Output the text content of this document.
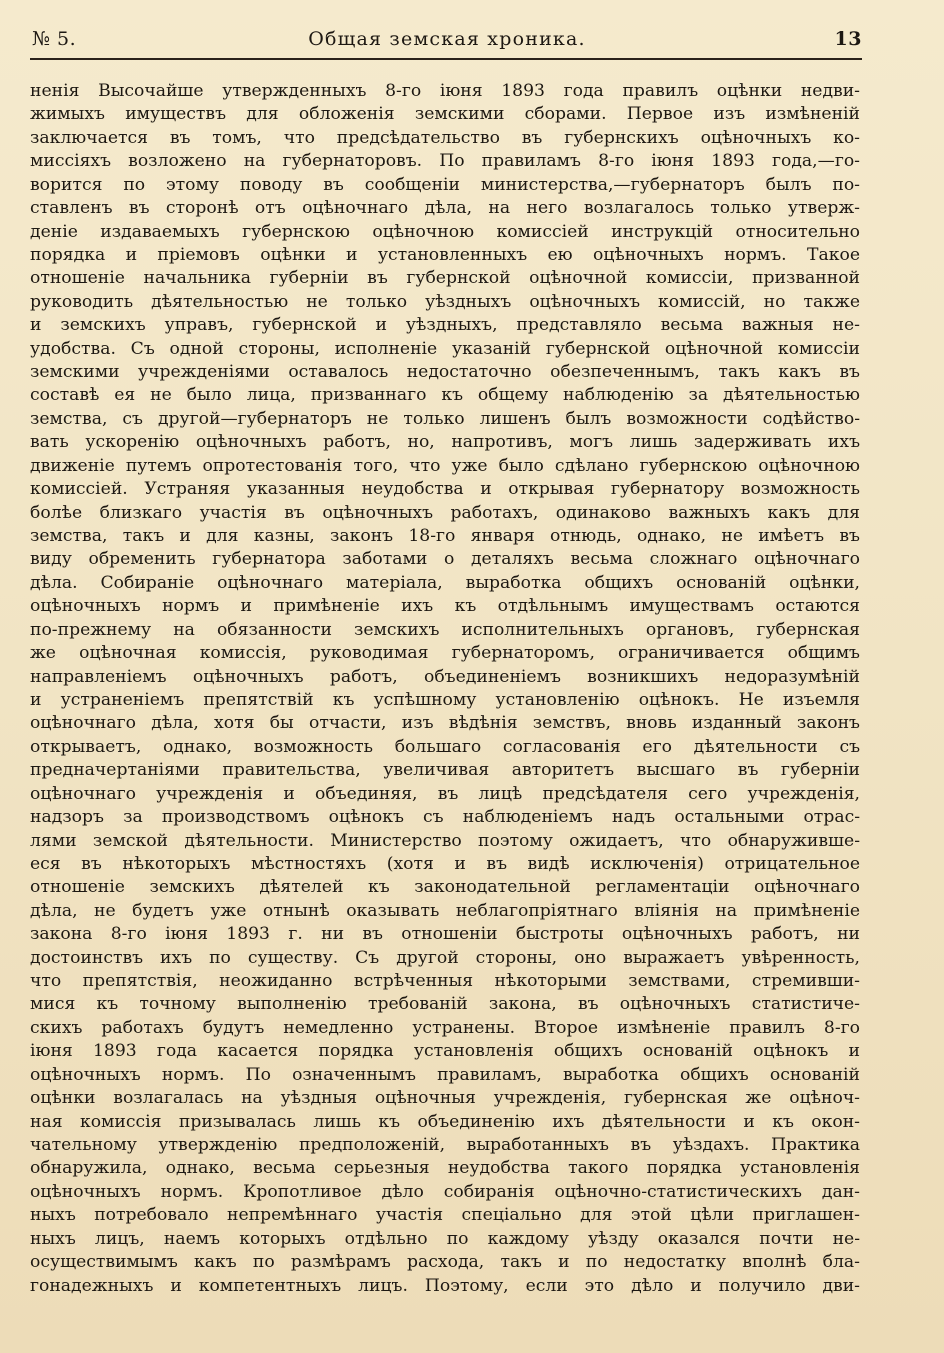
№ 5.	Общая земская хроника.	13
ненія Высочайше утвержденныхъ 8-го іюня 1893 года правилъ оцѣнки недви-
жимыхъ имуществъ для обложенія земскими сборами. Первое изъ измѣненій
заключается въ томъ, что предсѣдательство въ губернскихъ оцѣночныхъ ко-
миссіяхъ возложено на губернаторовъ. По правиламъ 8-го іюня 1893 года,—го-
ворится по этому поводу въ сообщеніи министерства,—губернаторъ былъ по-
ставленъ въ сторонѣ отъ оцѣночнаго дѣла, на него возлагалось только утверж-
деніе издаваемыхъ губернскою оцѣночною комиссіей инструкцій относительно
порядка и пріемовъ оцѣнки и установленныхъ ею оцѣночныхъ нормъ. Такое
отношеніе начальника губерніи въ губернской оцѣночной комиссіи, призванной
руководить дѣятельностью не только уѣздныхъ оцѣночныхъ комиссій, но также
и земскихъ управъ, губернской и уѣздныхъ, представляло весьма важныя не-
удобства. Съ одной стороны, исполненіе указаній губернской оцѣночной комиссіи
земскими учрежденіями оставалось недостаточно обезпеченнымъ, такъ какъ въ
составѣ ея не было лица, призваннаго къ общему наблюденію за дѣятельностью
земства, съ другой—губернаторъ не только лишенъ былъ возможности содѣйство-
вать ускоренію оцѣночныхъ работъ, но, напротивъ, могъ лишь задерживать ихъ
движеніе путемъ опротестованія того, что уже было сдѣлано губернскою оцѣночною
комиссіей. Устраняя указанныя неудобства и открывая губернатору возможность
болѣе близкаго участія въ оцѣночныхъ работахъ, одинаково важныхъ какъ для
земства, такъ и для казны, законъ 18-го января отнюдь, однако, не имѣетъ въ
виду обременить губернатора заботами о деталяхъ весьма сложнаго оцѣночнаго
дѣла. Собираніе оцѣночнаго матеріала, выработка общихъ основаній оцѣнки,
оцѣночныхъ нормъ и примѣненіе ихъ къ отдѣльнымъ имуществамъ остаются
по-прежнему на обязанности земскихъ исполнительныхъ органовъ, губернская
же оцѣночная комиссія, руководимая губернаторомъ, ограничивается общимъ
направленіемъ оцѣночныхъ работъ, объединеніемъ возникшихъ недоразумѣній
и устраненіемъ препятствій къ успѣшному установленію оцѣнокъ. Не изъемля
оцѣночнаго дѣла, хотя бы отчасти, изъ вѣдѣнія земствъ, вновь изданный законъ
открываетъ, однако, возможность большаго согласованія его дѣятельности съ
предначертаніями правительства, увеличивая авторитетъ высшаго въ губерніи
оцѣночнаго учрежденія и объединяя, въ лицѣ предсѣдателя сего учрежденія,
надзоръ за производствомъ оцѣнокъ съ наблюденіемъ надъ остальными отрас-
лями земской дѣятельности. Министерство поэтому ожидаетъ, что обнаруживше-
еся въ нѣкоторыхъ мѣстностяхъ (хотя и въ видѣ исключенія) отрицательное
отношеніе земскихъ дѣятелей къ законодательной регламентаціи оцѣночнаго
дѣла, не будетъ уже отнынѣ оказывать неблагопріятнаго вліянія на примѣненіе
закона 8-го іюня 1893 г. ни въ отношеніи быстроты оцѣночныхъ работъ, ни
достоинствъ ихъ по существу. Съ другой стороны, оно выражаетъ увѣренность,
что препятствія, неожиданно встрѣченныя нѣкоторыми земствами, стремивши-
мися къ точному выполненію требованій закона, въ оцѣночныхъ статистиче-
скихъ работахъ будутъ немедленно устранены. Второе измѣненіе правилъ 8-го
іюня 1893 года касается порядка установленія общихъ основаній оцѣнокъ и
оцѣночныхъ нормъ. По означеннымъ правиламъ, выработка общихъ основаній
оцѣнки возлагалась на уѣздныя оцѣночныя учрежденія, губернская же оцѣноч-
ная комиссія призывалась лишь къ объединенію ихъ дѣятельности и къ окон-
чательному утвержденію предположеній, выработанныхъ въ уѣздахъ. Практика
обнаружила, однако, весьма серьезныя неудобства такого порядка установленія
оцѣночныхъ нормъ. Кропотливое дѣло собиранія оцѣночно-статистическихъ дан-
ныхъ потребовало непремѣннаго участія спеціально для этой цѣли приглашен-
ныхъ лицъ, наемъ которыхъ отдѣльно по каждому уѣзду оказался почти не-
осуществимымъ какъ по размѣрамъ расхода, такъ и по недостатку вполнѣ бла-
гонадежныхъ и компетентныхъ лицъ. Поэтому, если это дѣло и получило дви-
